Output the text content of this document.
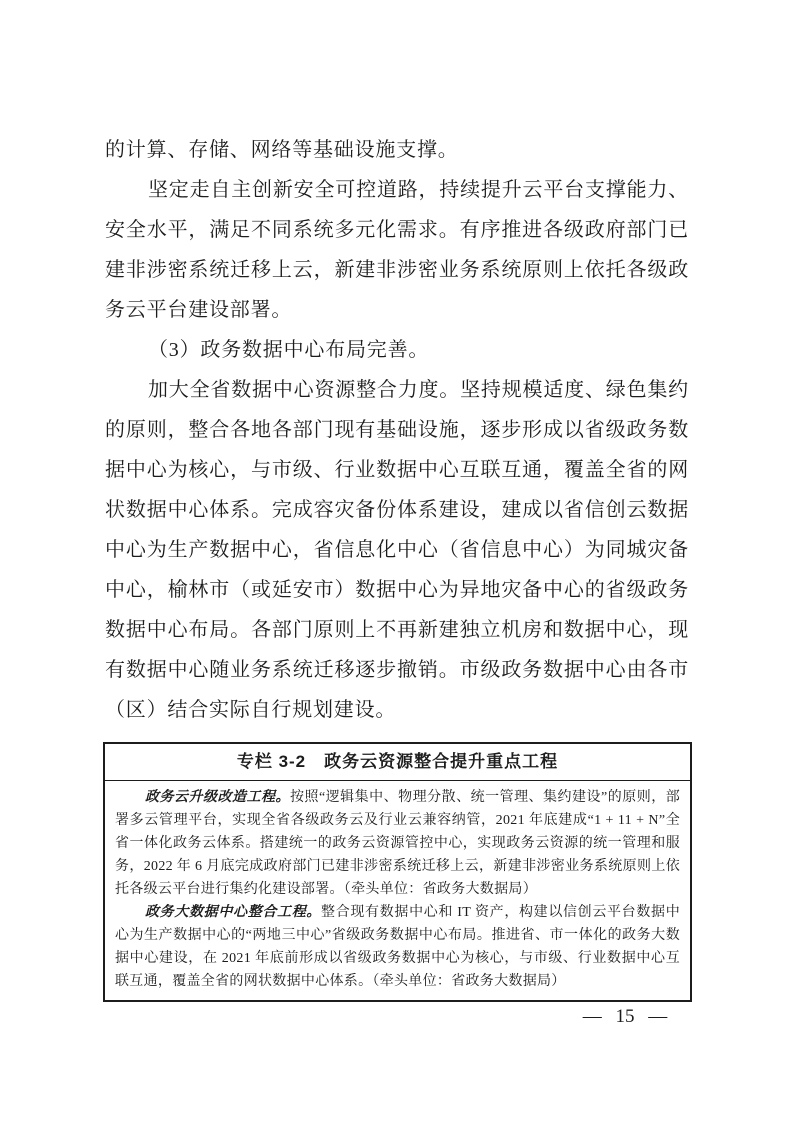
的计算、存储、网络等基础设施支撑。

坚定走自主创新安全可控道路，持续提升云平台支撑能力、安全水平，满足不同系统多元化需求。有序推进各级政府部门已建非涉密系统迁移上云，新建非涉密业务系统原则上依托各级政务云平台建设部署。

（3）政务数据中心布局完善。

加大全省数据中心资源整合力度。坚持规模适度、绿色集约的原则，整合各地各部门现有基础设施，逐步形成以省级政务数据中心为核心，与市级、行业数据中心互联互通，覆盖全省的网状数据中心体系。完成容灾备份体系建设，建成以省信创云数据中心为生产数据中心，省信息化中心（省信息中心）为同城灾备中心，榆林市（或延安市）数据中心为异地灾备中心的省级政务数据中心布局。各部门原则上不再新建独立机房和数据中心，现有数据中心随业务系统迁移逐步撤销。市级政务数据中心由各市（区）结合实际自行规划建设。

专栏 3-2　政务云资源整合提升重点工程

政务云升级改造工程。按照“逻辑集中、物理分散、统一管理、集约建设”的原则，部署多云管理平台，实现全省各级政务云及行业云兼容纳管，2021 年底建成“1 + 11 + N”全省一体化政务云体系。搭建统一的政务云资源管控中心，实现政务云资源的统一管理和服务，2022 年 6 月底完成政府部门已建非涉密系统迁移上云，新建非涉密业务系统原则上依托各级云平台进行集约化建设部署。（牵头单位：省政务大数据局）

政务大数据中心整合工程。整合现有数据中心和 IT 资产，构建以信创云平台数据中心为生产数据中心的“两地三中心”省级政务数据中心布局。推进省、市一体化的政务大数据中心建设，在 2021 年底前形成以省级政务数据中心为核心，与市级、行业数据中心互联互通，覆盖全省的网状数据中心体系。（牵头单位：省政务大数据局）

— 15 —
